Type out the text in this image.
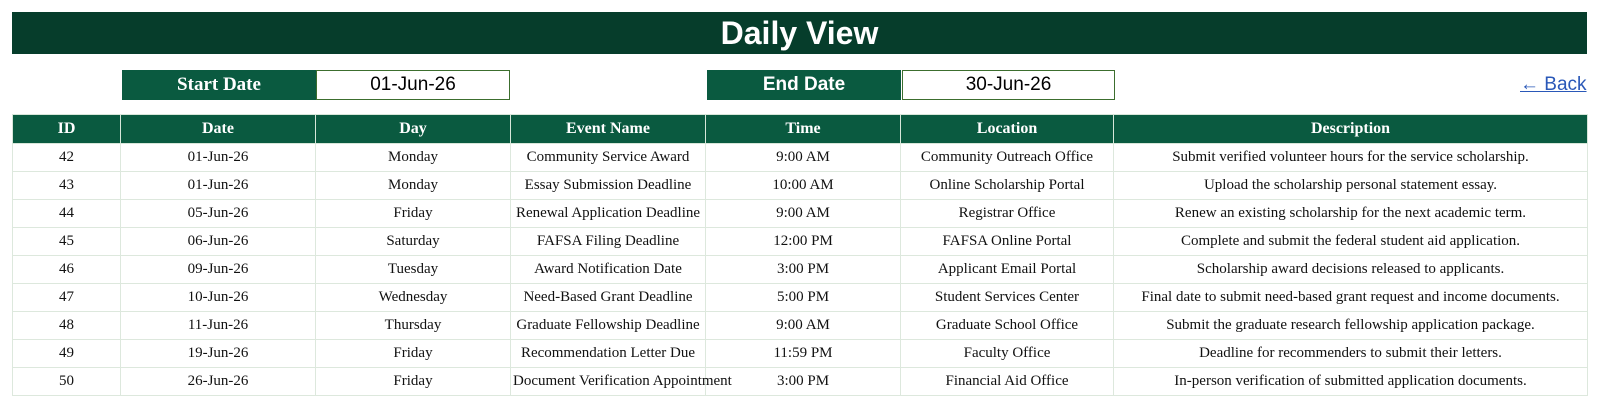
Daily View
Start Date	01-Jun-26	End Date	30-Jun-26	← Back
ID	Date	Day	Event Name	Time	Location	Description
42	01-Jun-26	Monday	Community Service Award	9:00 AM	Community Outreach Office	Submit verified volunteer hours for the service scholarship.
43	01-Jun-26	Monday	Essay Submission Deadline	10:00 AM	Online Scholarship Portal	Upload the scholarship personal statement essay.
44	05-Jun-26	Friday	Renewal Application Deadline	9:00 AM	Registrar Office	Renew an existing scholarship for the next academic term.
45	06-Jun-26	Saturday	FAFSA Filing Deadline	12:00 PM	FAFSA Online Portal	Complete and submit the federal student aid application.
46	09-Jun-26	Tuesday	Award Notification Date	3:00 PM	Applicant Email Portal	Scholarship award decisions released to applicants.
47	10-Jun-26	Wednesday	Need-Based Grant Deadline	5:00 PM	Student Services Center	Final date to submit need-based grant request and income documents.
48	11-Jun-26	Thursday	Graduate Fellowship Deadline	9:00 AM	Graduate School Office	Submit the graduate research fellowship application package.
49	19-Jun-26	Friday	Recommendation Letter Due	11:59 PM	Faculty Office	Deadline for recommenders to submit their letters.
50	26-Jun-26	Friday	Document Verification Appointment	3:00 PM	Financial Aid Office	In-person verification of submitted application documents.
